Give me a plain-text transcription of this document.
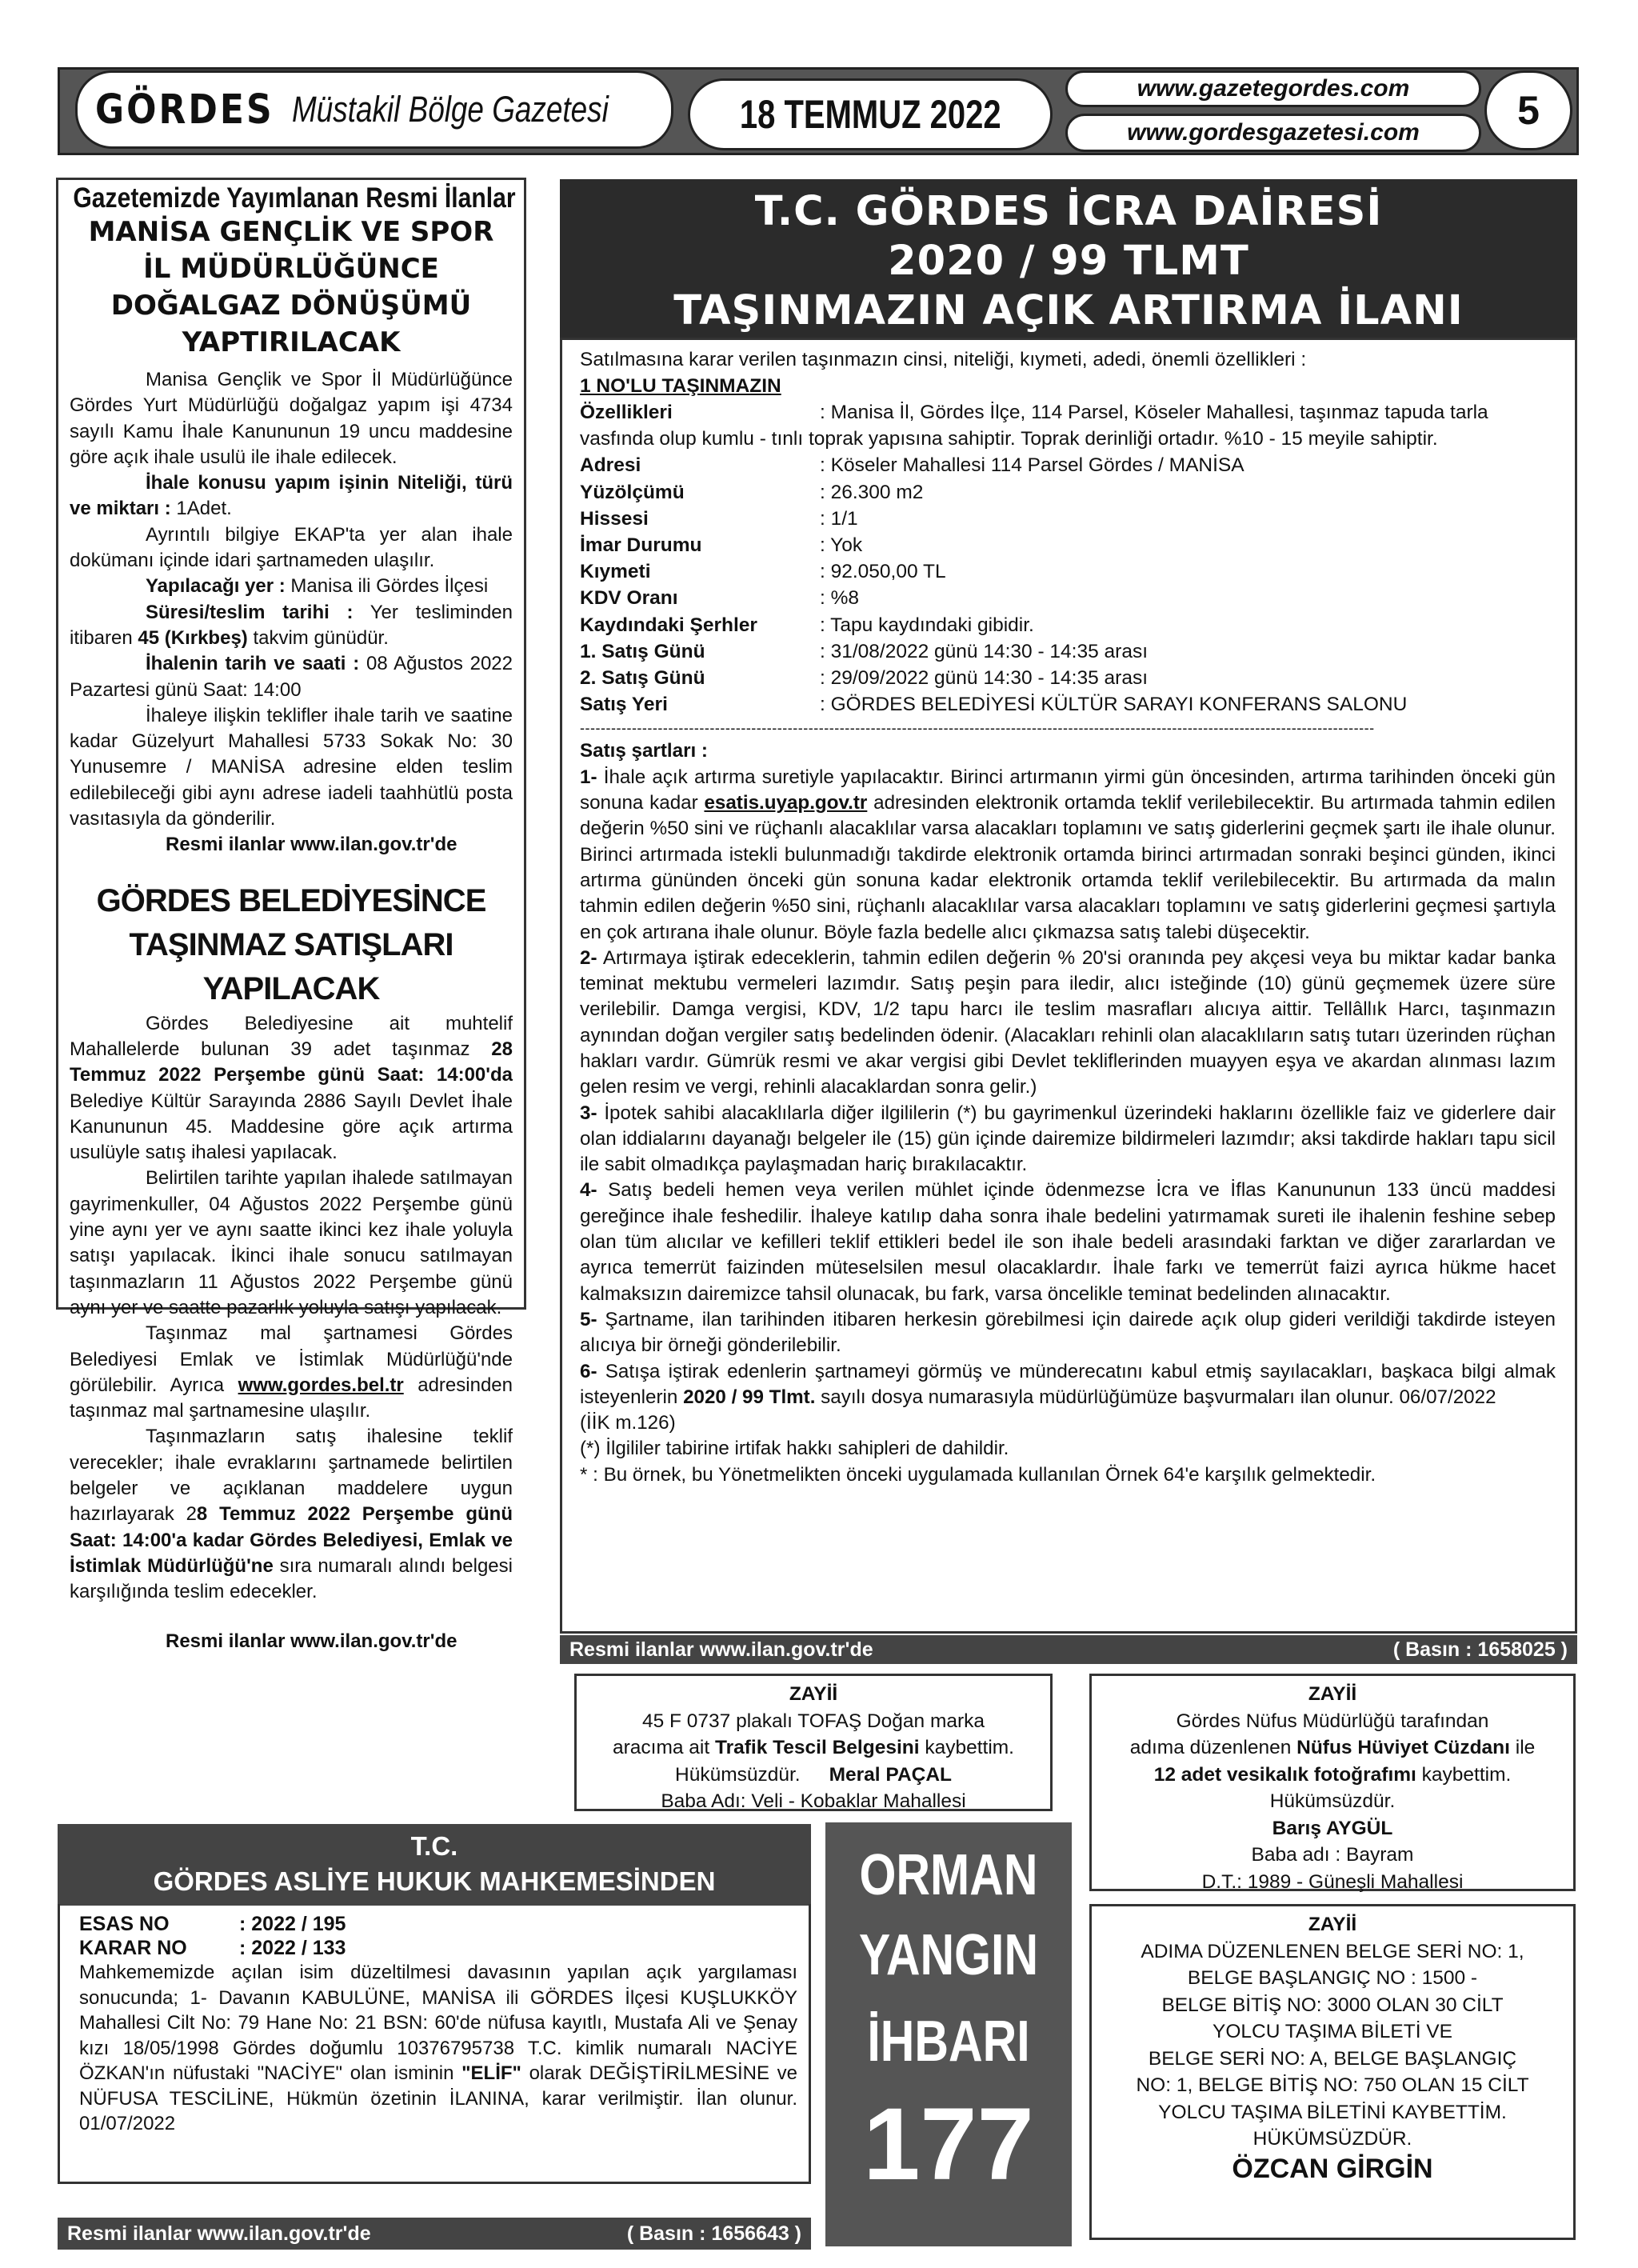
GÖRDES Müstakil Bölge Gazetesi	18 TEMMUZ 2022
www.gazetegordes.com
www.gordesgazetesi.com 5
Gazetemizde Yayımlanan Resmi İlanlar
MANİSA GENÇLİK VE SPOR İL MÜDÜRLÜĞÜNCE DOĞALGAZ DÖNÜŞÜMÜ YAPTIRILACAK

Manisa Gençlik ve Spor İl Müdürlüğünce Gördes Yurt Müdürlüğü doğalgaz yapım işi 4734 sayılı Kamu İhale Kanununun 19 uncu maddesine göre açık ihale usulü ile ihale edilecek.

İhale konusu yapım işinin Niteliği, türü ve miktarı : 1Adet.

Ayrıntılı bilgiye EKAP'ta yer alan ihale dokümanı içinde idari şartnameden ulaşılır.

Yapılacağı yer : Manisa ili Gördes İlçesi

Süresi/teslim tarihi : Yer tesliminden itibaren 45 (Kırkbeş) takvim günüdür.

İhalenin tarih ve saati : 08 Ağustos 2022 Pazartesi günü Saat: 14:00

İhaleye ilişkin teklifler ihale tarih ve saatine kadar Güzelyurt Mahallesi 5733 Sokak No: 30 Yunusemre / MANİSA adresine elden teslim edilebileceği gibi aynı adrese iadeli taahhütlü posta vasıtasıyla da gönderilir.

Resmi ilanlar www.ilan.gov.tr'de

GÖRDES BELEDİYESİNCE TAŞINMAZ SATIŞLARI YAPILACAK

Gördes Belediyesine ait muhtelif Mahallelerde bulunan 39 adet taşınmaz 28 Temmuz 2022 Perşembe günü Saat: 14:00'da Belediye Kültür Sarayında 2886 Sayılı Devlet İhale Kanununun 45. Maddesine göre açık artırma usulüyle satış ihalesi yapılacak.

Belirtilen tarihte yapılan ihalede satılmayan gayrimenkuller, 04 Ağustos 2022 Perşembe günü yine aynı yer ve aynı saatte ikinci kez ihale yoluyla satışı yapılacak. İkinci ihale sonucu satılmayan taşınmazların 11 Ağustos 2022 Perşembe günü aynı yer ve saatte pazarlık yoluyla satışı yapılacak.

Taşınmaz mal şartnamesi Gördes Belediyesi Emlak ve İstimlak Müdürlüğü'nde görülebilir. Ayrıca www.gordes.bel.tr adresinden taşınmaz mal şartnamesine ulaşılır.

Taşınmazların satış ihalesine teklif verecekler; ihale evraklarını şartnamede belirtilen belgeler ve açıklanan maddelere uygun hazırlayarak 28 Temmuz 2022 Perşembe günü Saat: 14:00'a kadar Gördes Belediyesi, Emlak ve İstimlak Müdürlüğü'ne sıra numaralı alındı belgesi karşılığında teslim edecekler.

Resmi ilanlar www.ilan.gov.tr'de

T.C. GÖRDES İCRA DAİRESİ
2020 / 99 TLMT
TAŞINMAZIN AÇIK ARTIRMA İLANI
Satılmasına karar verilen taşınmazın cinsi, niteliği, kıymeti, adedi, önemli özellikleri :
1 NO'LU TAŞINMAZIN
Özellikleri	: Manisa İl, Gördes İlçe, 114 Parsel, Köseler Mahallesi, taşınmaz tapuda tarla
vasfında olup kumlu - tınlı toprak yapısına sahiptir. Toprak derinliği ortadır. %10 - 15 meyile sahiptir.
Adresi	: Köseler Mahallesi 114 Parsel Gördes / MANİSA
Yüzölçümü	: 26.300 m2
Hissesi	: 1/1
İmar Durumu	: Yok
Kıymeti	: 92.050,00 TL
KDV Oranı	: %8
Kaydındaki Şerhler	: Tapu kaydındaki gibidir.
1. Satış Günü	: 31/08/2022 günü 14:30 - 14:35 arası
2. Satış Günü	: 29/09/2022 günü 14:30 - 14:35 arası
Satış Yeri	: GÖRDES BELEDİYESİ KÜLTÜR SARAYI KONFERANS SALONU
---------------------------------------------------------------------------------------------------------------------------------------------------------

Satış şartları :

1- İhale açık artırma suretiyle yapılacaktır. Birinci artırmanın yirmi gün öncesinden, artırma tarihinden önceki gün sonuna kadar esatis.uyap.gov.tr adresinden elektronik ortamda teklif verilebilecektir. Bu artırmada tahmin edilen değerin %50 sini ve rüçhanlı alacaklılar varsa alacakları toplamını ve satış giderlerini geçmek şartı ile ihale olunur. Birinci artırmada istekli bulunmadığı takdirde elektronik ortamda birinci artırmadan sonraki beşinci günden, ikinci artırma gününden önceki gün sonuna kadar elektronik ortamda teklif verilebilecektir. Bu artırmada da malın tahmin edilen değerin %50 sini, rüçhanlı alacaklılar varsa alacakları toplamını ve satış giderlerini geçmesi şartıyla en çok artırana ihale olunur. Böyle fazla bedelle alıcı çıkmazsa satış talebi düşecektir.

2- Artırmaya iştirak edeceklerin, tahmin edilen değerin % 20'si oranında pey akçesi veya bu miktar kadar banka teminat mektubu vermeleri lazımdır. Satış peşin para iledir, alıcı isteğinde (10) günü geçmemek üzere süre verilebilir. Damga vergisi, KDV, 1/2 tapu harcı ile teslim masrafları alıcıya aittir. Tellâllık Harcı, taşınmazın aynından doğan vergiler satış bedelinden ödenir. (Alacakları rehinli olan alacaklıların satış tutarı üzerinden rüçhan hakları vardır. Gümrük resmi ve akar vergisi gibi Devlet tekliflerinden muayyen eşya ve akardan alınması lazım gelen resim ve vergi, rehinli alacaklardan sonra gelir.)

3- İpotek sahibi alacaklılarla diğer ilgililerin (*) bu gayrimenkul üzerindeki haklarını özellikle faiz ve giderlere dair olan iddialarını dayanağı belgeler ile (15) gün içinde dairemize bildirmeleri lazımdır; aksi takdirde hakları tapu sicil ile sabit olmadıkça paylaşmadan hariç bırakılacaktır.

4- Satış bedeli hemen veya verilen mühlet içinde ödenmezse İcra ve İflas Kanununun 133 üncü maddesi gereğince ihale feshedilir. İhaleye katılıp daha sonra ihale bedelini yatırmamak sureti ile ihalenin feshine sebep olan tüm alıcılar ve kefilleri teklif ettikleri bedel ile son ihale bedeli arasındaki farktan ve diğer zararlardan ve ayrıca temerrüt faizinden müteselsilen mesul olacaklardır. İhale farkı ve temerrüt faizi ayrıca hükme hacet kalmaksızın dairemizce tahsil olunacak, bu fark, varsa öncelikle teminat bedelinden alınacaktır.

5- Şartname, ilan tarihinden itibaren herkesin görebilmesi için dairede açık olup gideri verildiği takdirde isteyen alıcıya bir örneği gönderilebilir.

6- Satışa iştirak edenlerin şartnameyi görmüş ve münderecatını kabul etmiş sayılacakları, başkaca bilgi almak isteyenlerin 2020 / 99 Tlmt. sayılı dosya numarasıyla müdürlüğümüze başvurmaları ilan olunur. 06/07/2022

(İİK m.126)

(*) İlgililer tabirine irtifak hakkı sahipleri de dahildir.

* : Bu örnek, bu Yönetmelikten önceki uygulamada kullanılan Örnek 64'e karşılık gelmektedir.

Resmi ilanlar www.ilan.gov.tr'de	( Basın : 1658025 )
ZAYİİ
45 F 0737 plakalı TOFAŞ Doğan marka
aracıma ait Trafik Tescil Belgesini kaybettim.
Hükümsüzdür. Meral PAÇAL
Baba Adı: Veli - Kobaklar Mahallesi
ZAYİİ
Gördes Nüfus Müdürlüğü tarafından
adıma düzenlenen Nüfus Hüviyet Cüzdanı ile
12 adet vesikalık fotoğrafımı kaybettim.
Hükümsüzdür.
Barış AYGÜL
Baba adı : Bayram
D.T.: 1989 - Güneşli Mahallesi
ZAYİİ
ADIMA DÜZENLENEN BELGE SERİ NO: 1,
BELGE BAŞLANGIÇ NO : 1500 -
BELGE BİTİŞ NO: 3000 OLAN 30 CİLT
YOLCU TAŞIMA BİLETİ VE
BELGE SERİ NO: A, BELGE BAŞLANGIÇ
NO: 1, BELGE BİTİŞ NO: 750 OLAN 15 CİLT
YOLCU TAŞIMA BİLETİNİ KAYBETTİM.
HÜKÜMSÜZDÜR.
ÖZCAN GİRGİN
ORMAN
YANGIN
İHBARI
177
T.C.
GÖRDES ASLİYE HUKUK MAHKEMESİNDEN
ESAS NO	: 2022 / 195
KARAR NO	: 2022 / 133

Mahkememizde açılan isim düzeltilmesi davasının yapılan açık yargılaması sonucunda; 1- Davanın KABULÜNE, MANİSA ili GÖRDES İlçesi KUŞLUKKÖY Mahallesi Cilt No: 79 Hane No: 21 BSN: 60'de nüfusa kayıtlı, Mustafa Ali ve Şenay kızı 18/05/1998 Gördes doğumlu 10376795738 T.C. kimlik numaralı NACİYE ÖZKAN'ın nüfustaki "NACİYE" olan isminin "ELİF" olarak DEĞİŞTİRİLMESİNE ve NÜFUSA TESCİLİNE, Hükmün özetinin İLANINA, karar verilmiştir. İlan olunur. 01/07/2022

Resmi ilanlar www.ilan.gov.tr'de	( Basın : 1656643 )
